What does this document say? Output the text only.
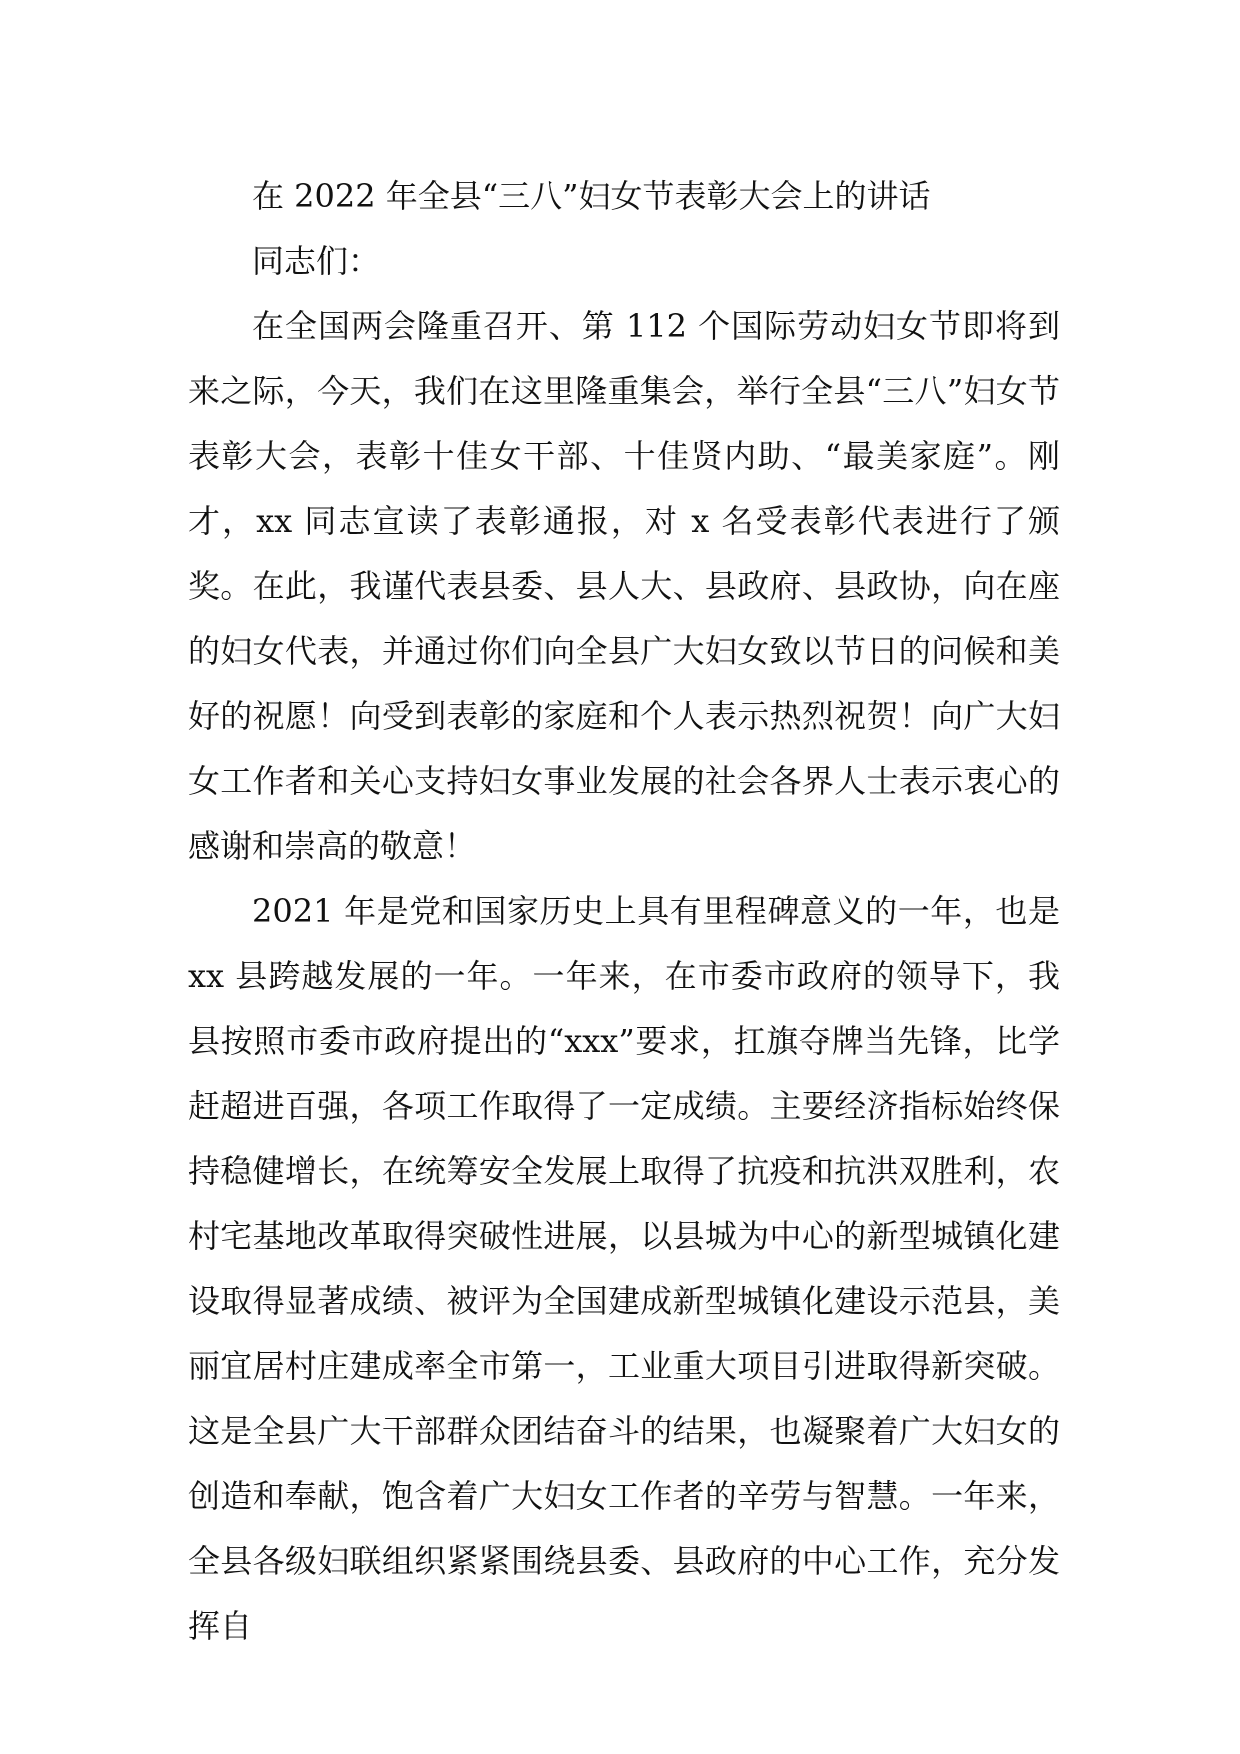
在 2022 年全县“三八”妇女节表彰大会上的讲话
同志们：

在全国两会隆重召开、第 112 个国际劳动妇女节即将到来之际，今天，我们在这里隆重集会，举行全县“三八”妇女节表彰大会，表彰十佳女干部、十佳贤内助、“最美家庭”。刚才，xx 同志宣读了表彰通报，对 x 名受表彰代表进行了颁奖。在此，我谨代表县委、县人大、县政府、县政协，向在座的妇女代表，并通过你们向全县广大妇女致以节日的问候和美好的祝愿！向受到表彰的家庭和个人表示热烈祝贺！向广大妇女工作者和关心支持妇女事业发展的社会各界人士表示衷心的感谢和崇高的敬意！

2021 年是党和国家历史上具有里程碑意义的一年，也是 xx 县跨越发展的一年。一年来，在市委市政府的领导下，我县按照市委市政府提出的“xxx”要求，扛旗夺牌当先锋，比学赶超进百强，各项工作取得了一定成绩。主要经济指标始终保持稳健增长，在统筹安全发展上取得了抗疫和抗洪双胜利，农村宅基地改革取得突破性进展，以县城为中心的新型城镇化建设取得显著成绩、被评为全国建成新型城镇化建设示范县，美丽宜居村庄建成率全市第一，工业重大项目引进取得新突破。这是全县广大干部群众团结奋斗的结果，也凝聚着广大妇女的创造和奉献，饱含着广大妇女工作者的辛劳与智慧。一年来，全县各级妇联组织紧紧围绕县委、县政府的中心工作，充分发挥自
